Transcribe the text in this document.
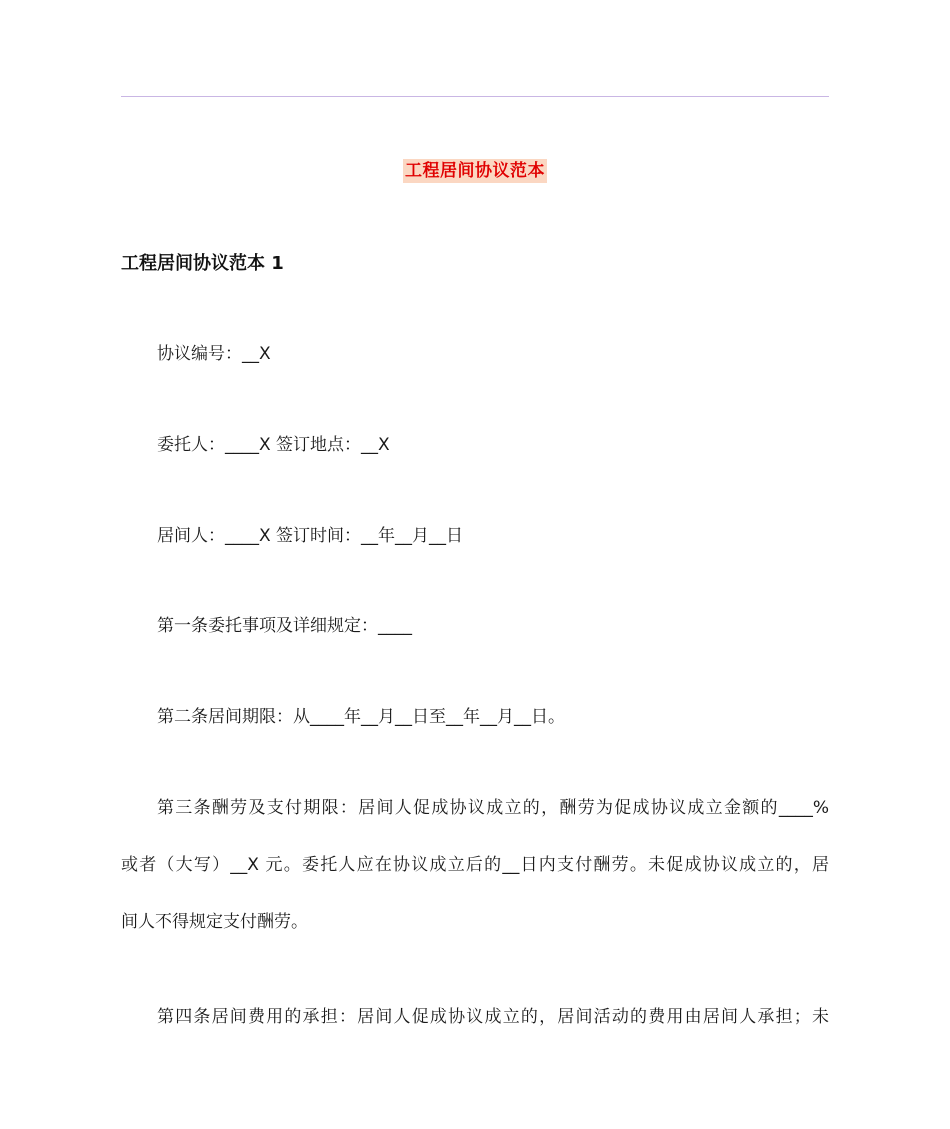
工程居间协议范本
工程居间协议范本 1

协议编号：__X

委托人：____X 签订地点：__X

居间人：____X 签订时间：__年__月__日

第一条委托事项及详细规定：____

第二条居间期限：从____年__月__日至__年__月__日。

第三条酬劳及支付期限：居间人促成协议成立的，酬劳为促成协议成立金额的____%
或者（大写）__X 元。委托人应在协议成立后的__日内支付酬劳。未促成协议成立的，居
间人不得规定支付酬劳。
第四条居间费用的承担：居间人促成协议成立的，居间活动的费用由居间人承担；未
